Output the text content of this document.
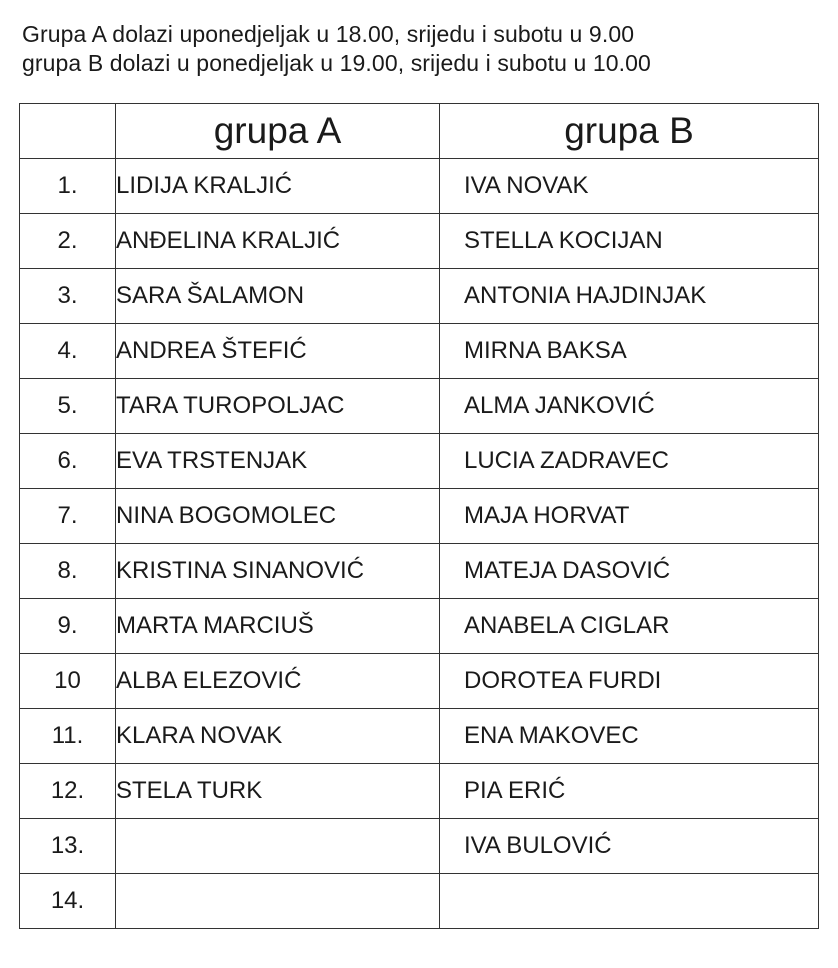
Grupa A dolazi uponedjeljak u 18.00, srijedu i subotu u 9.00
grupa B dolazi u ponedjeljak u 19.00, srijedu i subotu u 10.00
	grupa A	grupa B
1.	LIDIJA KRALJIĆ	IVA NOVAK
2.	ANĐELINA KRALJIĆ	STELLA KOCIJAN
3.	SARA ŠALAMON	ANTONIA HAJDINJAK
4.	ANDREA ŠTEFIĆ	MIRNA BAKSA
5.	TARA TUROPOLJAC	ALMA JANKOVIĆ
6.	EVA TRSTENJAK	LUCIA ZADRAVEC
7.	NINA BOGOMOLEC	MAJA HORVAT
8.	KRISTINA SINANOVIĆ	MATEJA DASOVIĆ
9.	MARTA MARCIUŠ	ANABELA CIGLAR
10	ALBA ELEZOVIĆ	DOROTEA FURDI
11.	KLARA NOVAK	ENA MAKOVEC
12.	STELA TURK	PIA ERIĆ
13.		IVA BULOVIĆ
14.		
